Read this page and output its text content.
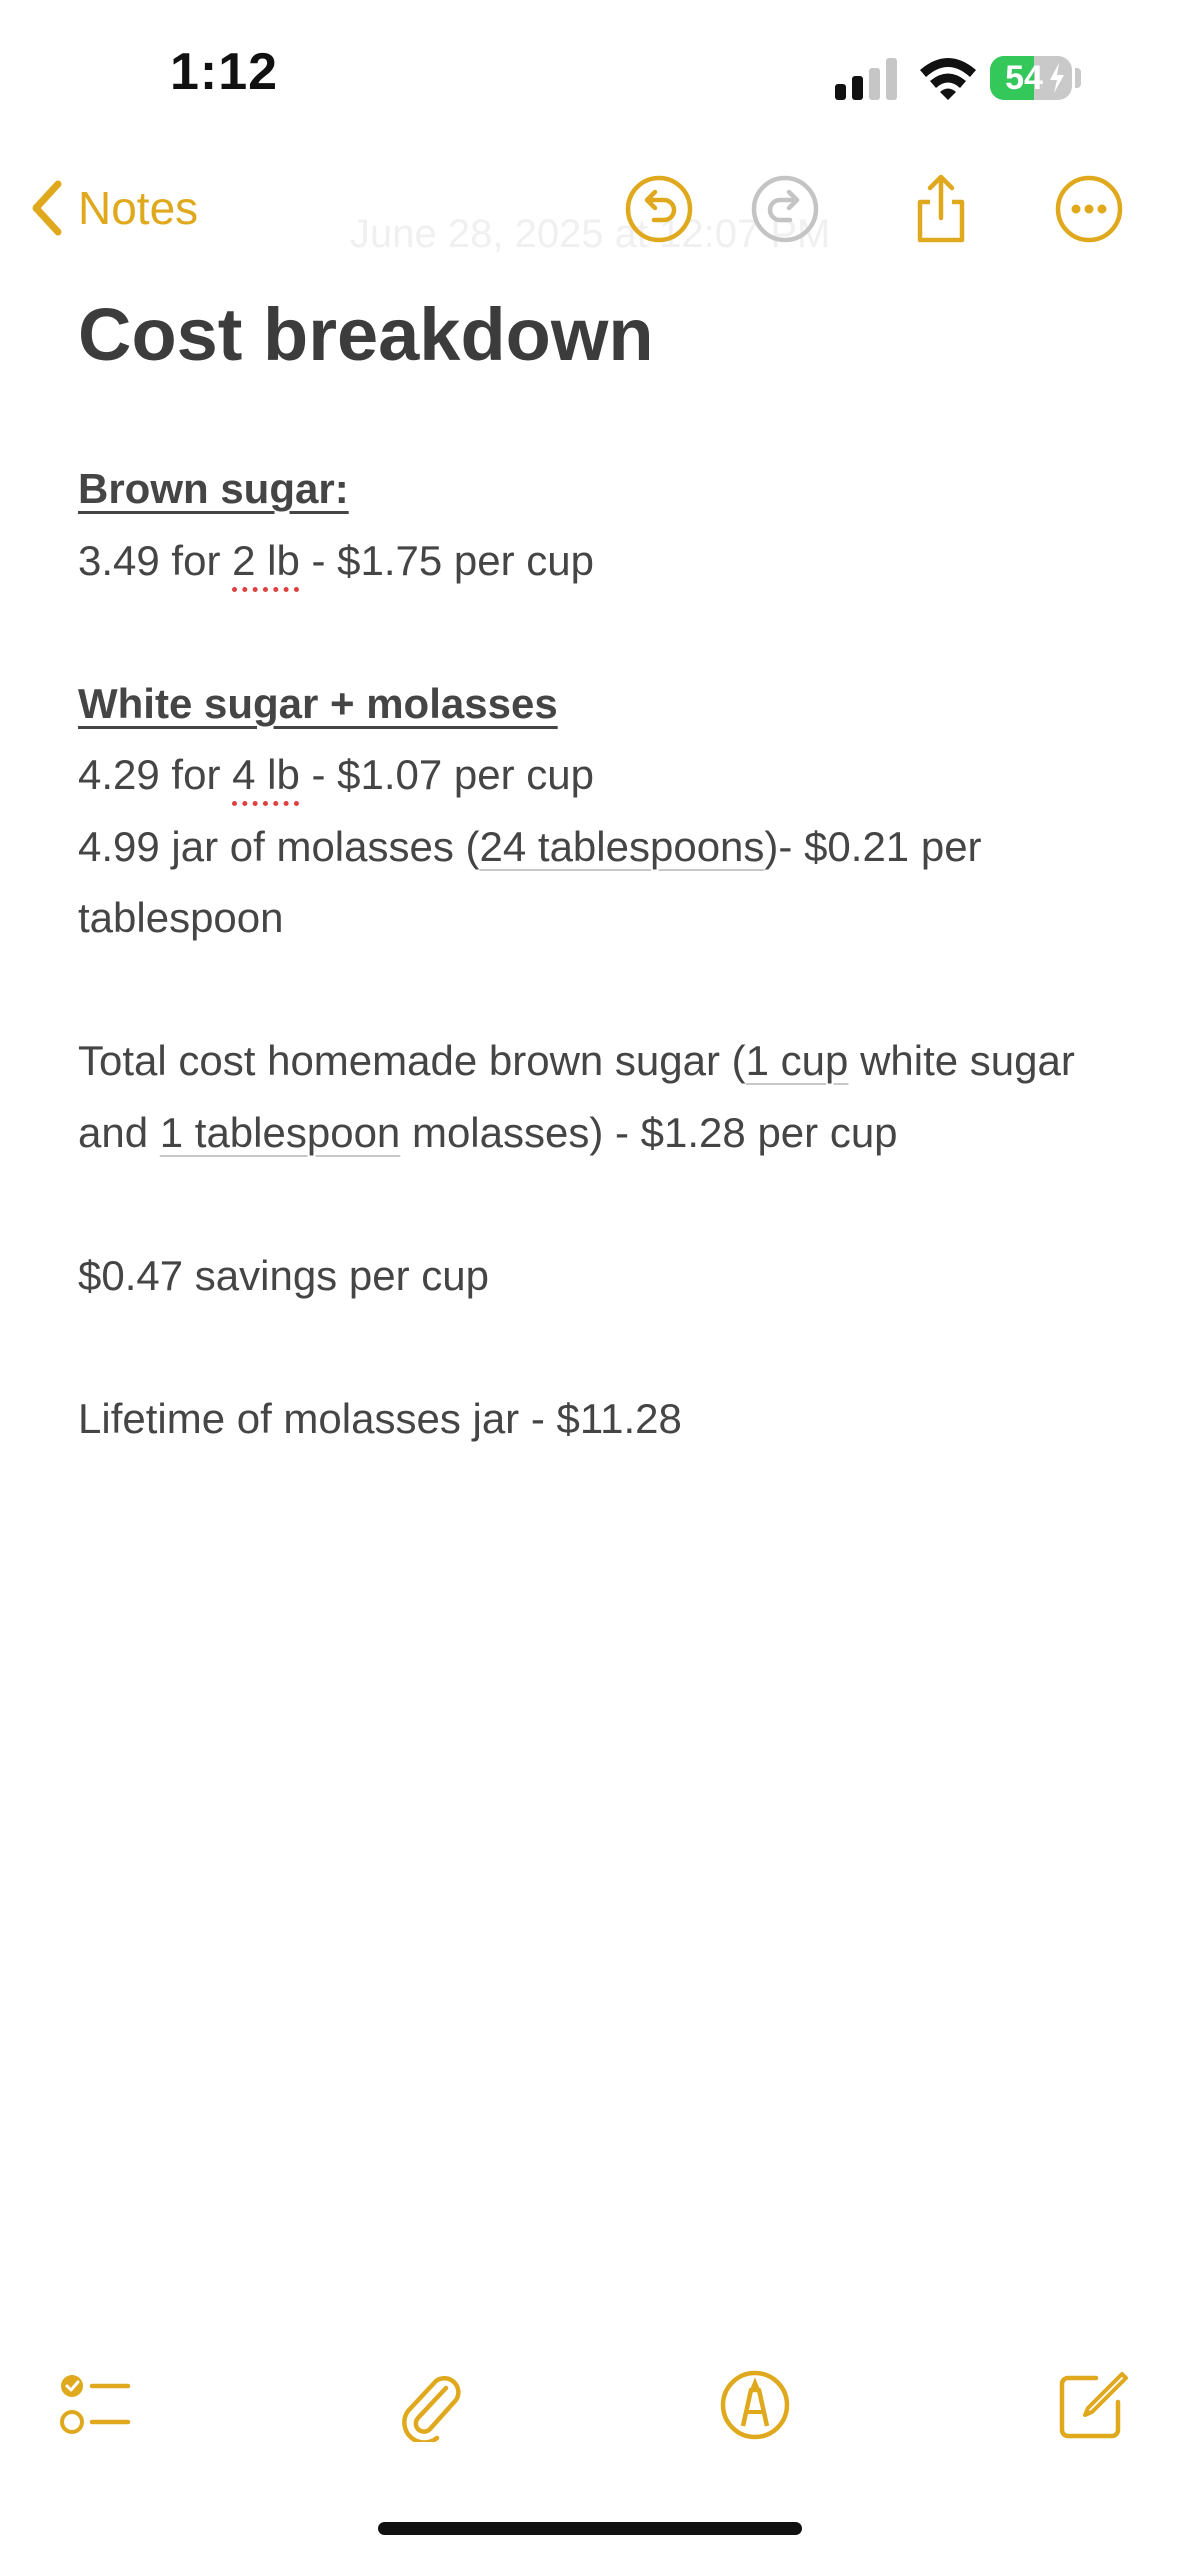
1:12	54
June 28, 2025 at 12:07 PM
Notes
Cost breakdown

Brown sugar:

3.49 for 2 lb - $1.75 per cup

White sugar + molasses

4.29 for 4 lb - $1.07 per cup

4.99 jar of molasses (24 tablespoons)- $0.21 per tablespoon

Total cost homemade brown sugar (1 cup white sugar and 1 tablespoon molasses) - $1.28 per cup

$0.47 savings per cup

Lifetime of molasses jar - $11.28
